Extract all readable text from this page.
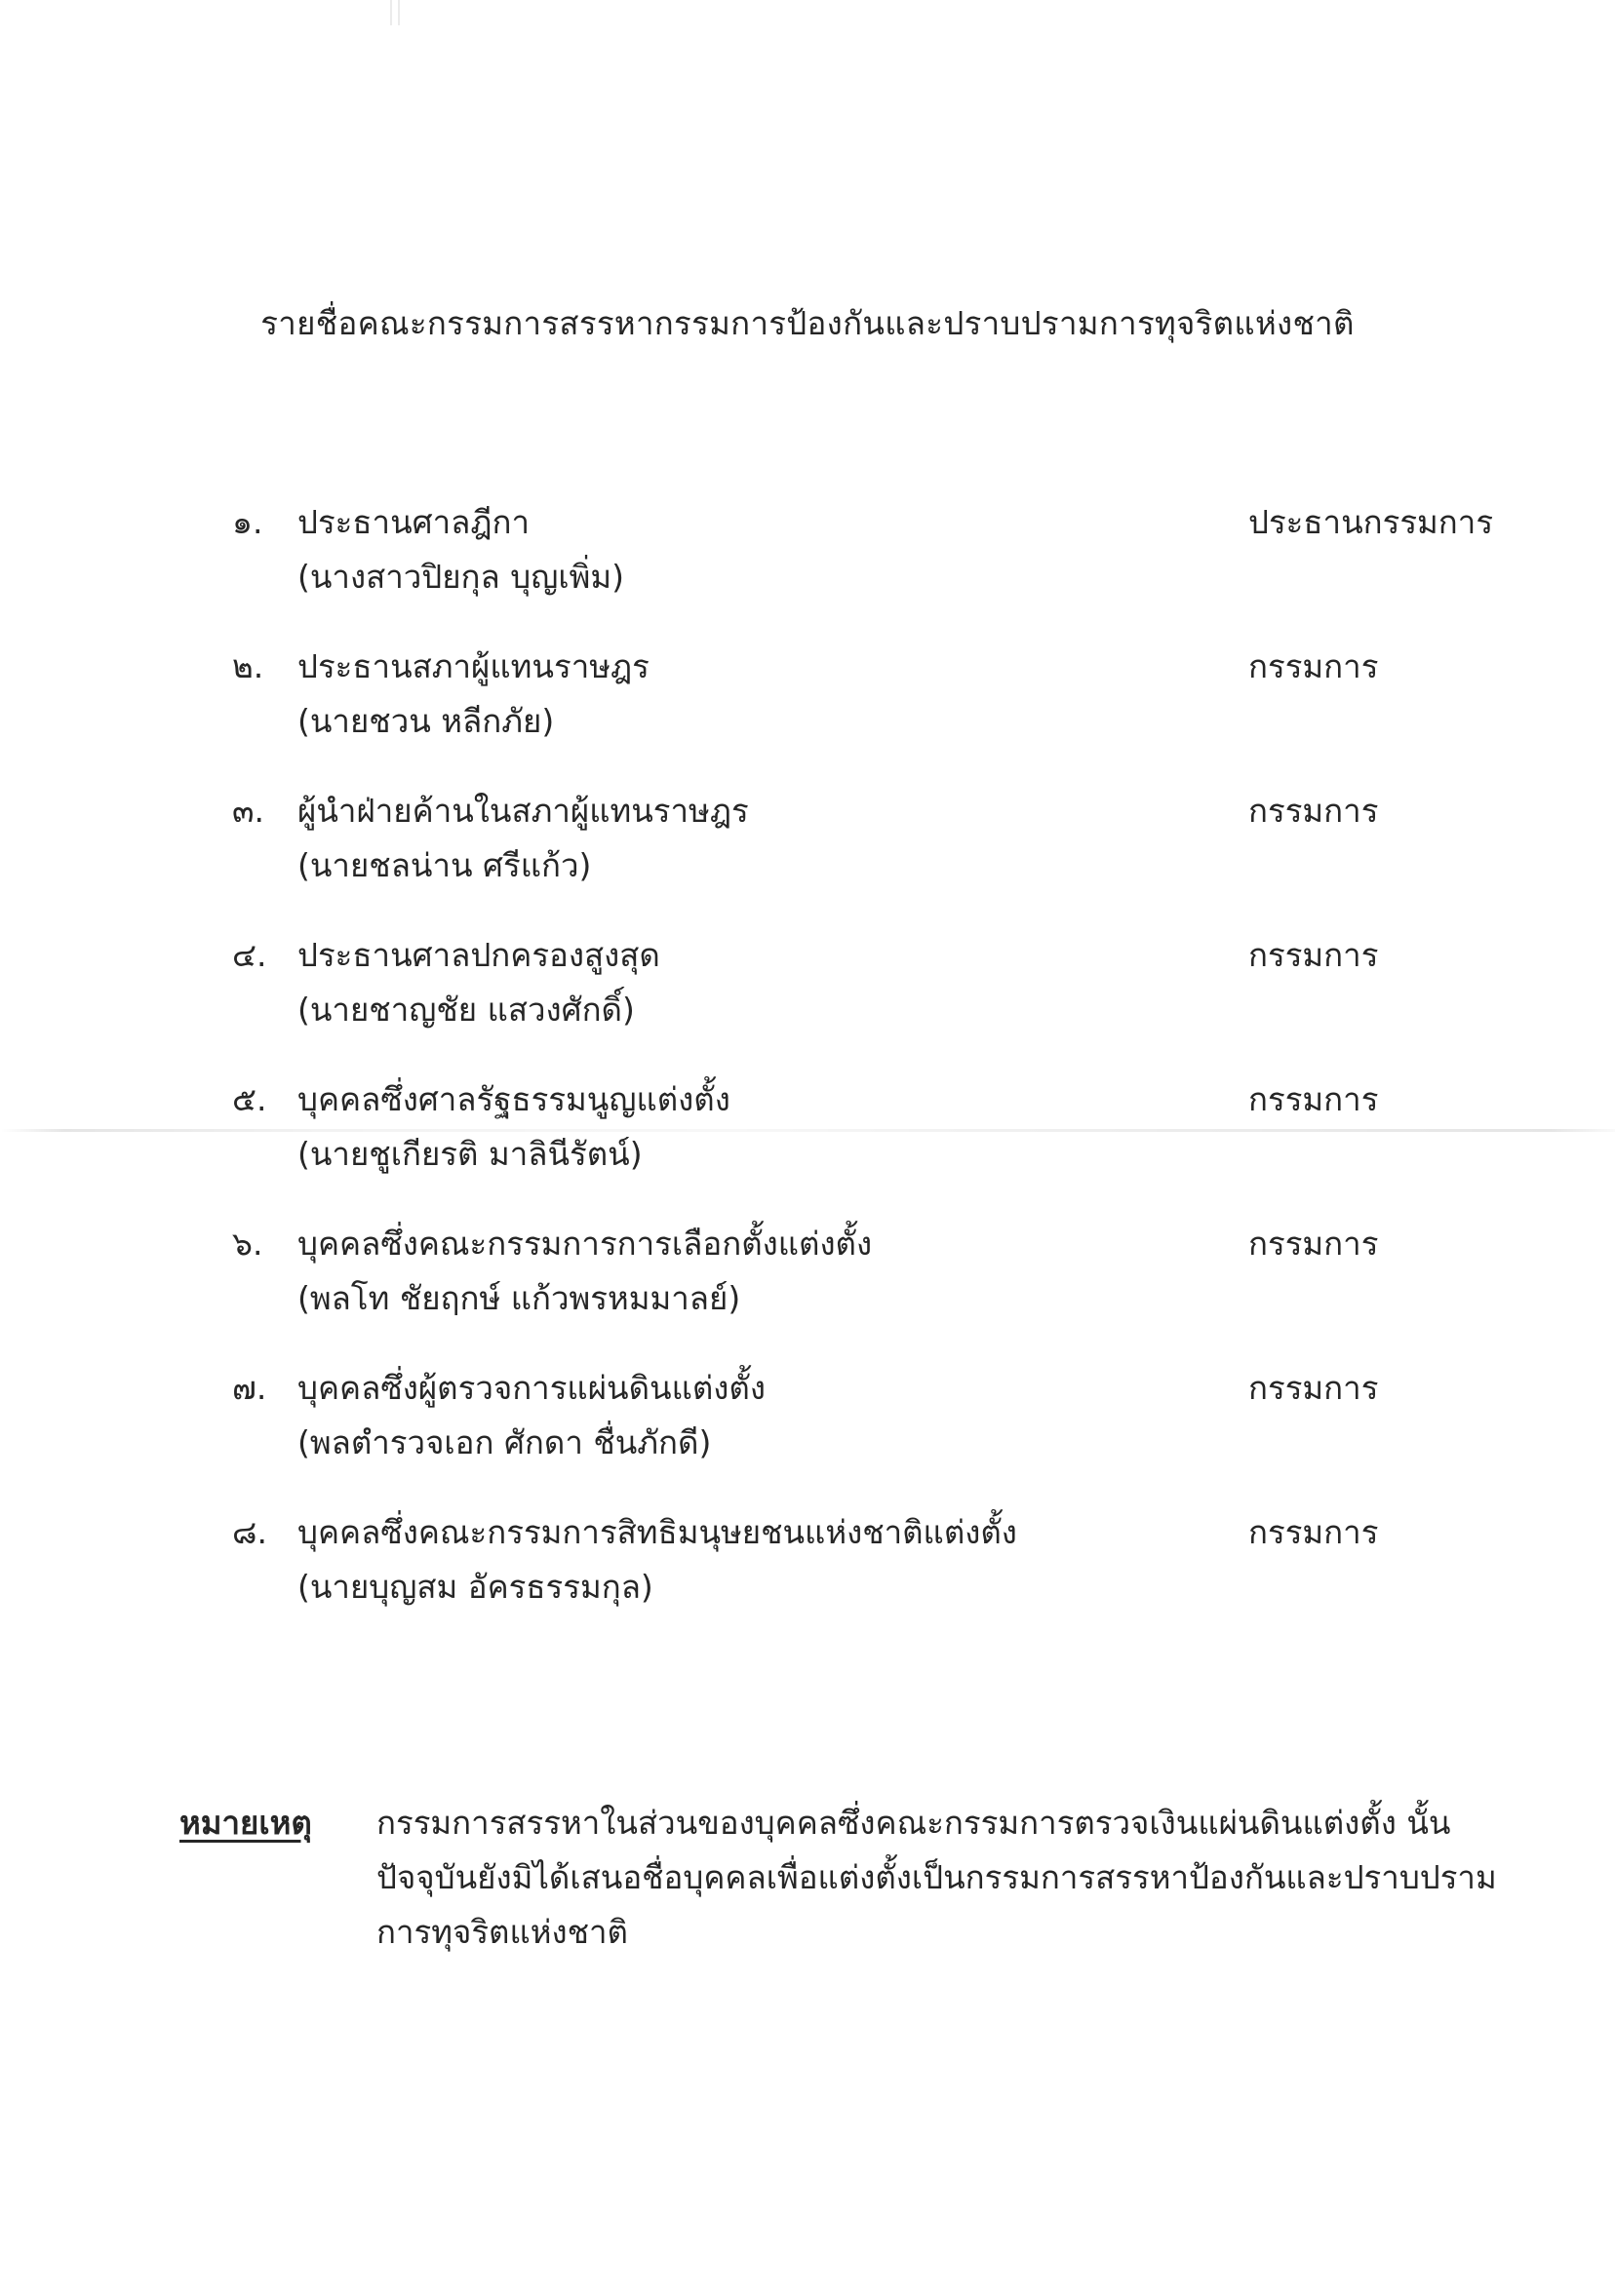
รายชื่อคณะกรรมการสรรหากรรมการป้องกันและปราบปรามการทุจริตแห่งชาติ
๑. ประธานศาลฎีกา
(นางสาวปิยกุล บุญเพิ่ม)
ประธานกรรมการ
๒. ประธานสภาผู้แทนราษฎร
(นายชวน หลีกภัย)
กรรมการ
๓. ผู้นำฝ่ายค้านในสภาผู้แทนราษฎร
(นายชลน่าน ศรีแก้ว)
กรรมการ
๔. ประธานศาลปกครองสูงสุด
(นายชาญชัย แสวงศักดิ์)
กรรมการ
๕. บุคคลซึ่งศาลรัฐธรรมนูญแต่งตั้ง
(นายชูเกียรติ มาลินีรัตน์)
กรรมการ
๖. บุคคลซึ่งคณะกรรมการการเลือกตั้งแต่งตั้ง
(พลโท ชัยฤกษ์ แก้วพรหมมาลย์)
กรรมการ
๗. บุคคลซึ่งผู้ตรวจการแผ่นดินแต่งตั้ง
(พลตำรวจเอก ศักดา ชื่นภักดี)
กรรมการ
๘. บุคคลซึ่งคณะกรรมการสิทธิมนุษยชนแห่งชาติแต่งตั้ง
(นายบุญสม อัครธรรมกุล)
กรรมการ
หมายเหตุ กรรมการสรรหาในส่วนของบุคคลซึ่งคณะกรรมการตรวจเงินแผ่นดินแต่งตั้ง นั้น
ปัจจุบันยังมิได้เสนอชื่อบุคคลเพื่อแต่งตั้งเป็นกรรมการสรรหาป้องกันและปราบปราม
การทุจริตแห่งชาติ
